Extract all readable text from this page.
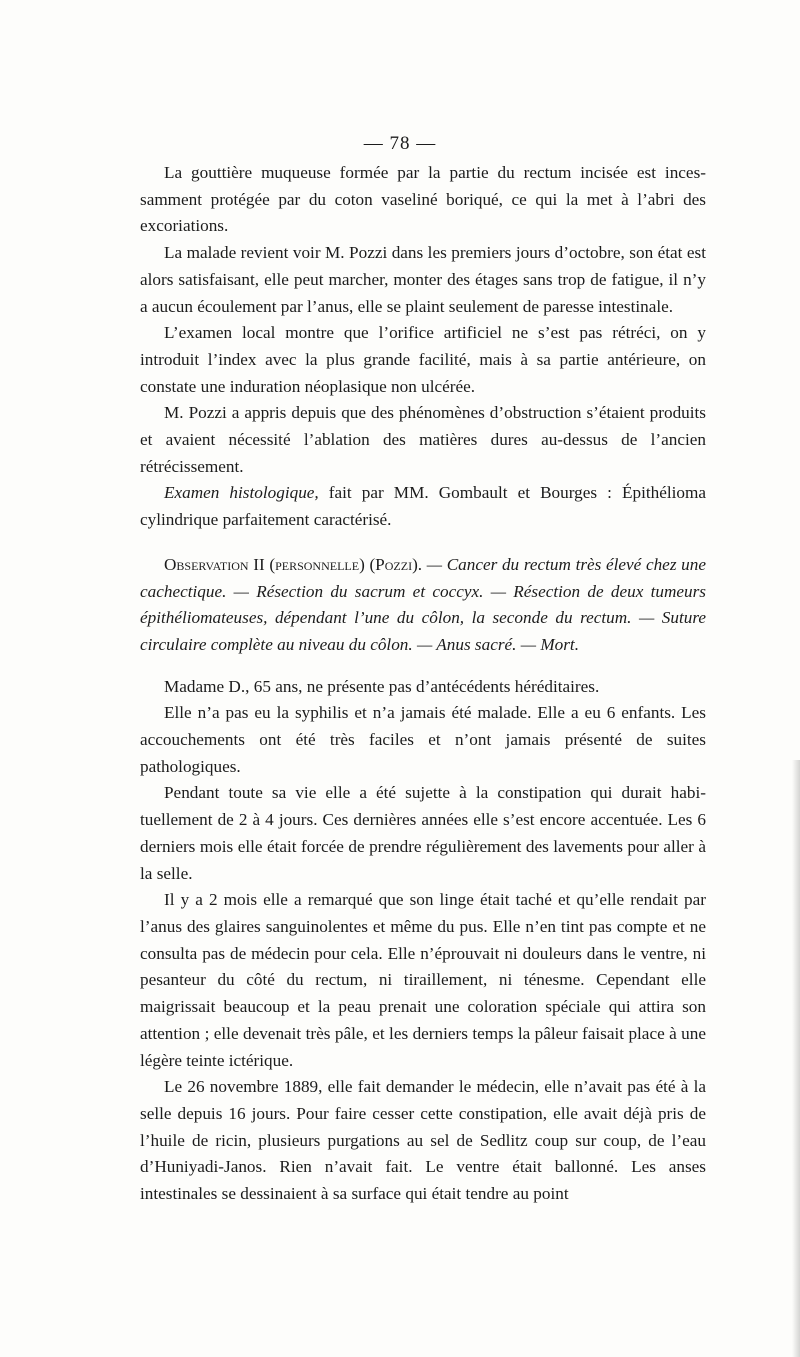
— 78 —

La gouttière muqueuse formée par la partie du rectum incisée est incessamment protégée par du coton vaseliné boriqué, ce qui la met à l’abri des excoriations.

La malade revient voir M. Pozzi dans les premiers jours d’octobre, son état est alors satisfaisant, elle peut marcher, monter des étages sans trop de fatigue, il n’y a aucun écoulement par l’anus, elle se plaint seulement de paresse intestinale.

L’examen local montre que l’orifice artificiel ne s’est pas rétréci, on y introduit l’index avec la plus grande facilité, mais à sa partie antérieure, on constate une induration néoplasique non ulcérée.

M. Pozzi a appris depuis que des phénomènes d’obstruction s’étaient produits et avaient nécessité l’ablation des matières dures au-dessus de l’ancien rétrécissement.

Examen histologique, fait par MM. Gombault et Bourges : Épithélioma cylindrique parfaitement caractérisé.

Observation II (personnelle) (Pozzi). — Cancer du rectum très élevé chez une cachectique. — Résection du sacrum et coccyx. — Résection de deux tumeurs épithéliomateuses, dépendant l’une du côlon, la seconde du rectum. — Suture circulaire complète au niveau du côlon. — Anus sacré. — Mort.

Madame D., 65 ans, ne présente pas d’antécédents héréditaires.

Elle n’a pas eu la syphilis et n’a jamais été malade. Elle a eu 6 enfants. Les accouchements ont été très faciles et n’ont jamais présenté de suites pathologiques.

Pendant toute sa vie elle a été sujette à la constipation qui durait habituellement de 2 à 4 jours. Ces dernières années elle s’est encore accentuée. Les 6 derniers mois elle était forcée de prendre régulièrement des lavements pour aller à la selle.

Il y a 2 mois elle a remarqué que son linge était taché et qu’elle rendait par l’anus des glaires sanguinolentes et même du pus. Elle n’en tint pas compte et ne consulta pas de médecin pour cela. Elle n’éprouvait ni douleurs dans le ventre, ni pesanteur du côté du rectum, ni tiraillement, ni ténesme. Cependant elle maigrissait beaucoup et la peau prenait une coloration spéciale qui attira son attention ; elle devenait très pâle, et les derniers temps la pâleur faisait place à une légère teinte ictérique.

Le 26 novembre 1889, elle fait demander le médecin, elle n’avait pas été à la selle depuis 16 jours. Pour faire cesser cette constipation, elle avait déjà pris de l’huile de ricin, plusieurs purgations au sel de Sedlitz coup sur coup, de l’eau d’Huniyadi-Janos. Rien n’avait fait. Le ventre était ballonné. Les anses intestinales se dessinaient à sa surface qui était tendre au point
